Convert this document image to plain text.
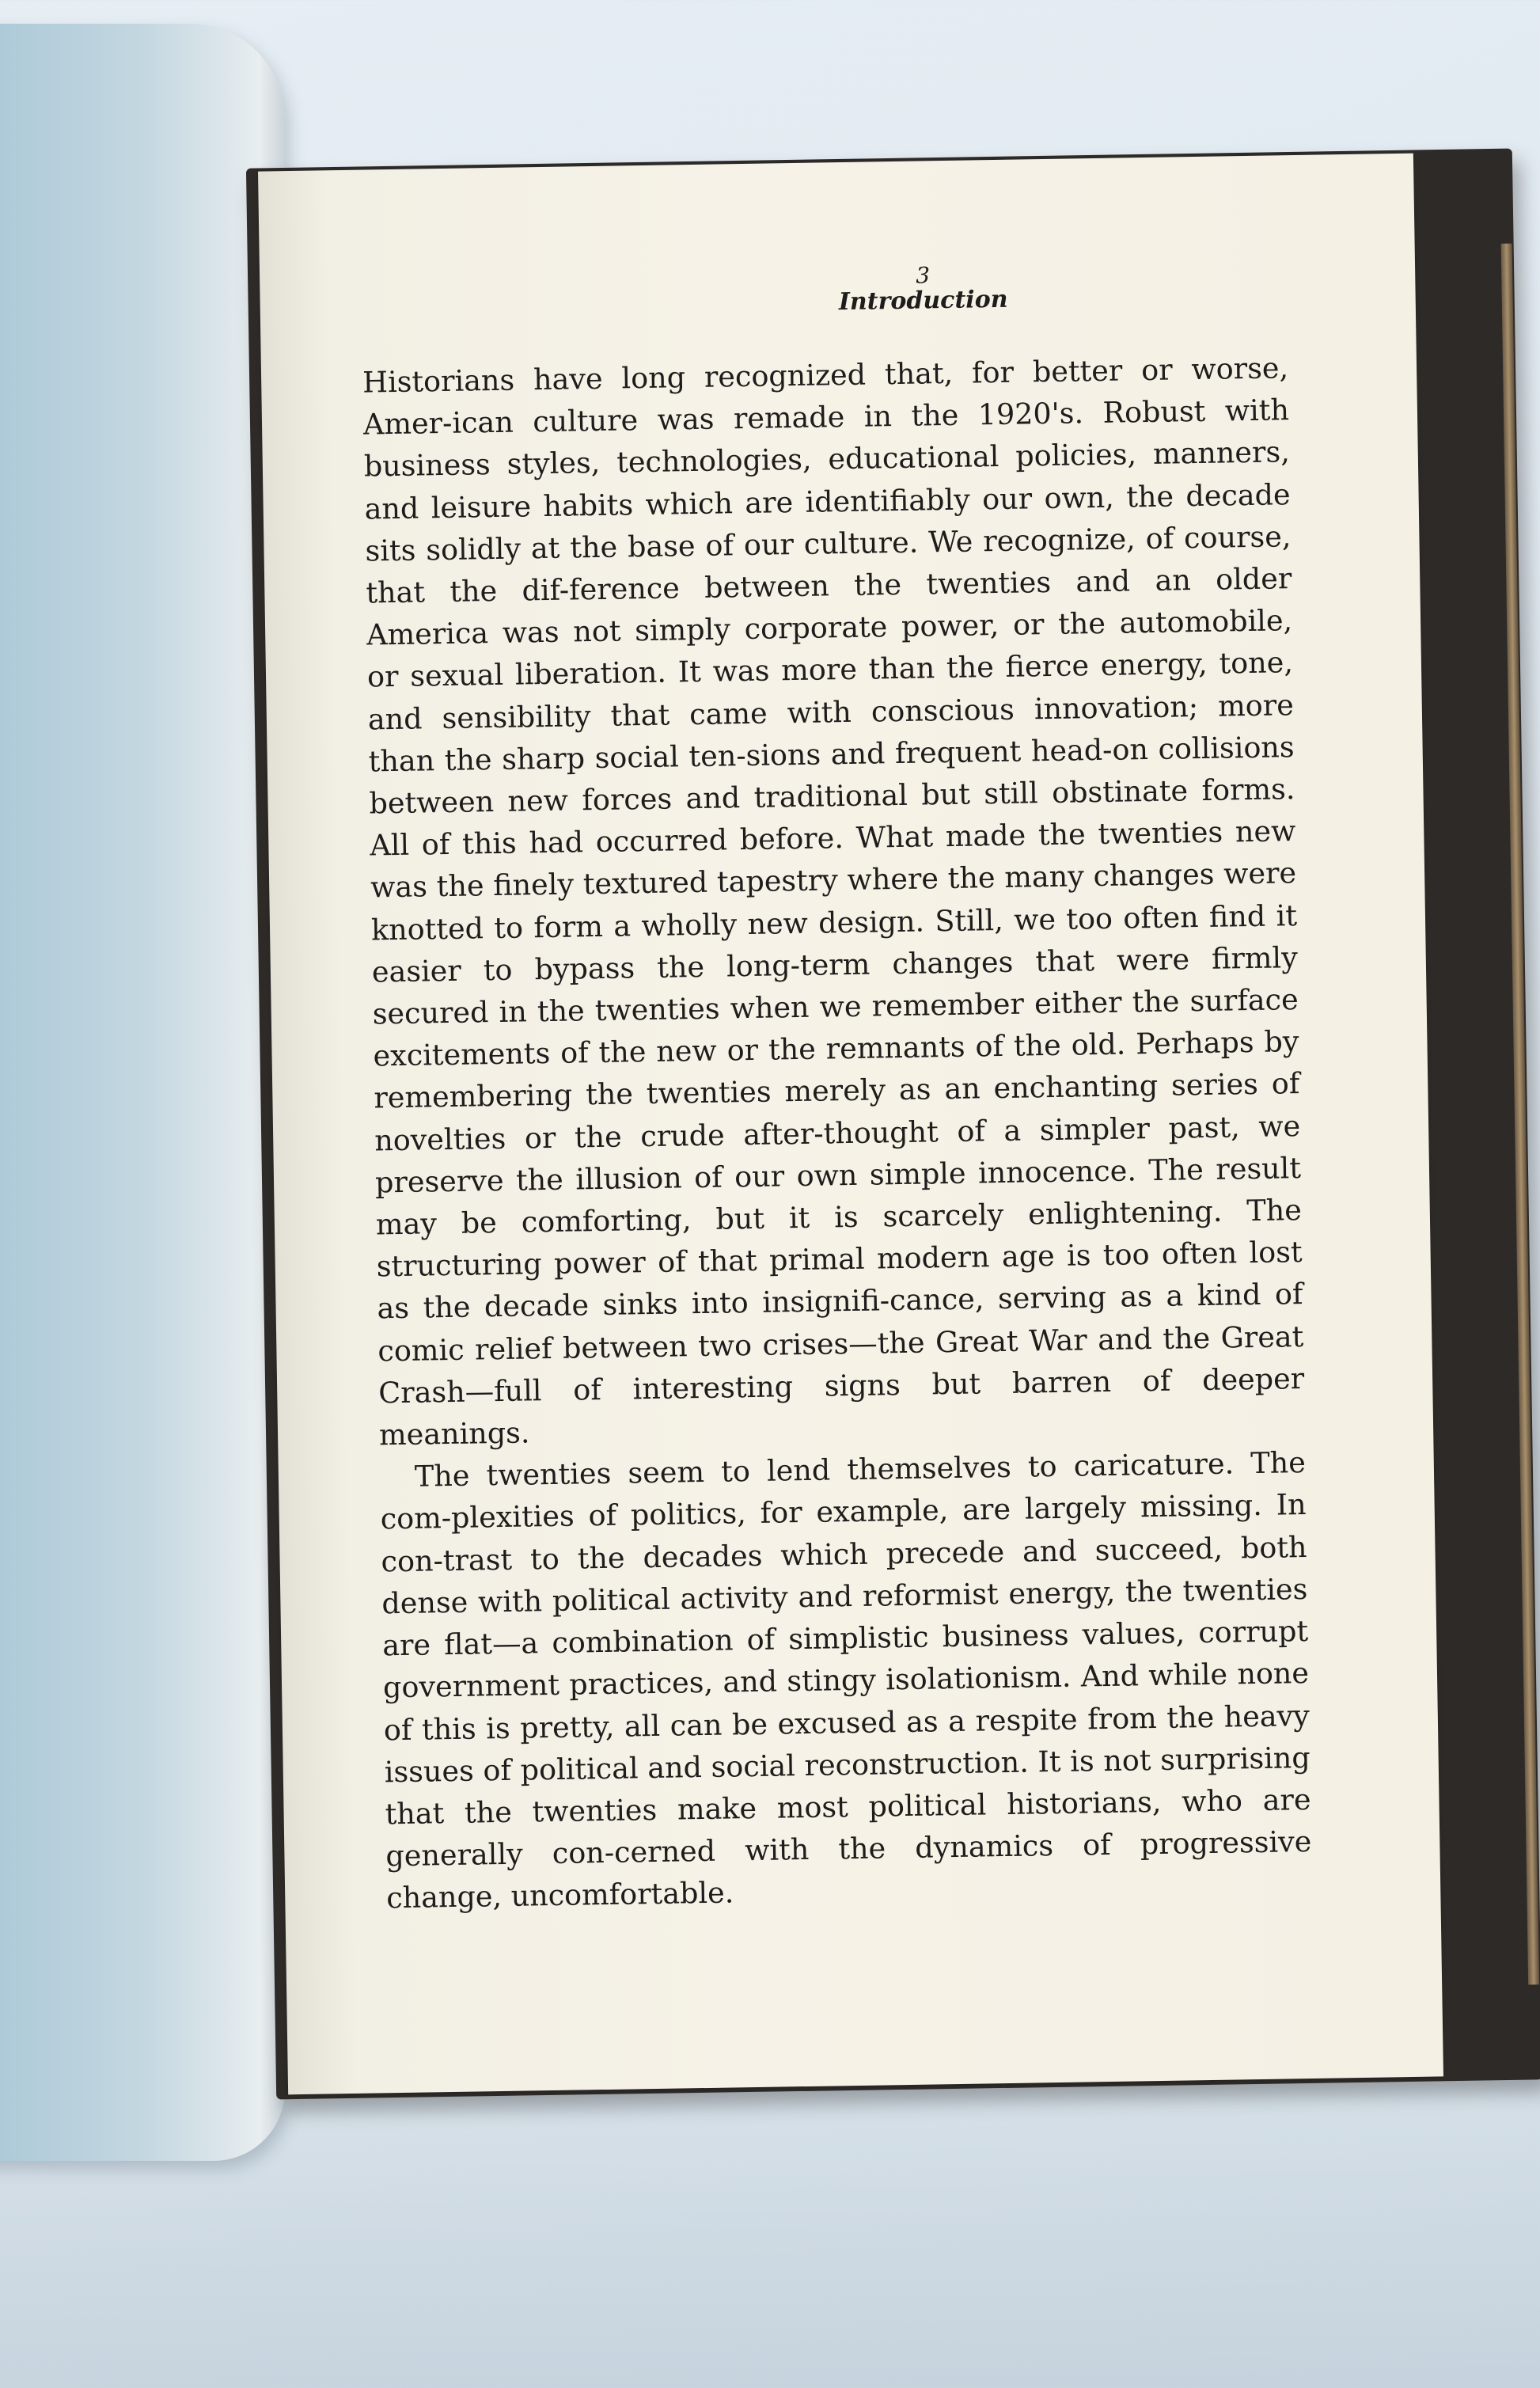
3
Introduction

Historians have long recognized that, for better or worse, Amer-ican culture was remade in the 1920's. Robust with business styles, technologies, educational policies, manners, and leisure habits which are identifiably our own, the decade sits solidly at the base of our culture. We recognize, of course, that the dif-ference between the twenties and an older America was not simply corporate power, or the automobile, or sexual liberation. It was more than the fierce energy, tone, and sensibility that came with conscious innovation; more than the sharp social ten-sions and frequent head-on collisions between new forces and traditional but still obstinate forms. All of this had occurred before. What made the twenties new was the finely textured tapestry where the many changes were knotted to form a wholly new design. Still, we too often find it easier to bypass the long-term changes that were firmly secured in the twenties when we remember either the surface excitements of the new or the remnants of the old. Perhaps by remembering the twenties merely as an enchanting series of novelties or the crude after-thought of a simpler past, we preserve the illusion of our own simple innocence. The result may be comforting, but it is scarcely enlightening. The structuring power of that primal modern age is too often lost as the decade sinks into insignifi-cance, serving as a kind of comic relief between two crises—the Great War and the Great Crash—full of interesting signs but barren of deeper meanings.

The twenties seem to lend themselves to caricature. The com-plexities of politics, for example, are largely missing. In con-trast to the decades which precede and succeed, both dense with political activity and reformist energy, the twenties are flat—a combination of simplistic business values, corrupt government practices, and stingy isolationism. And while none of this is pretty, all can be excused as a respite from the heavy issues of political and social reconstruction. It is not surprising that the twenties make most political historians, who are generally con-cerned with the dynamics of progressive change, uncomfortable.
